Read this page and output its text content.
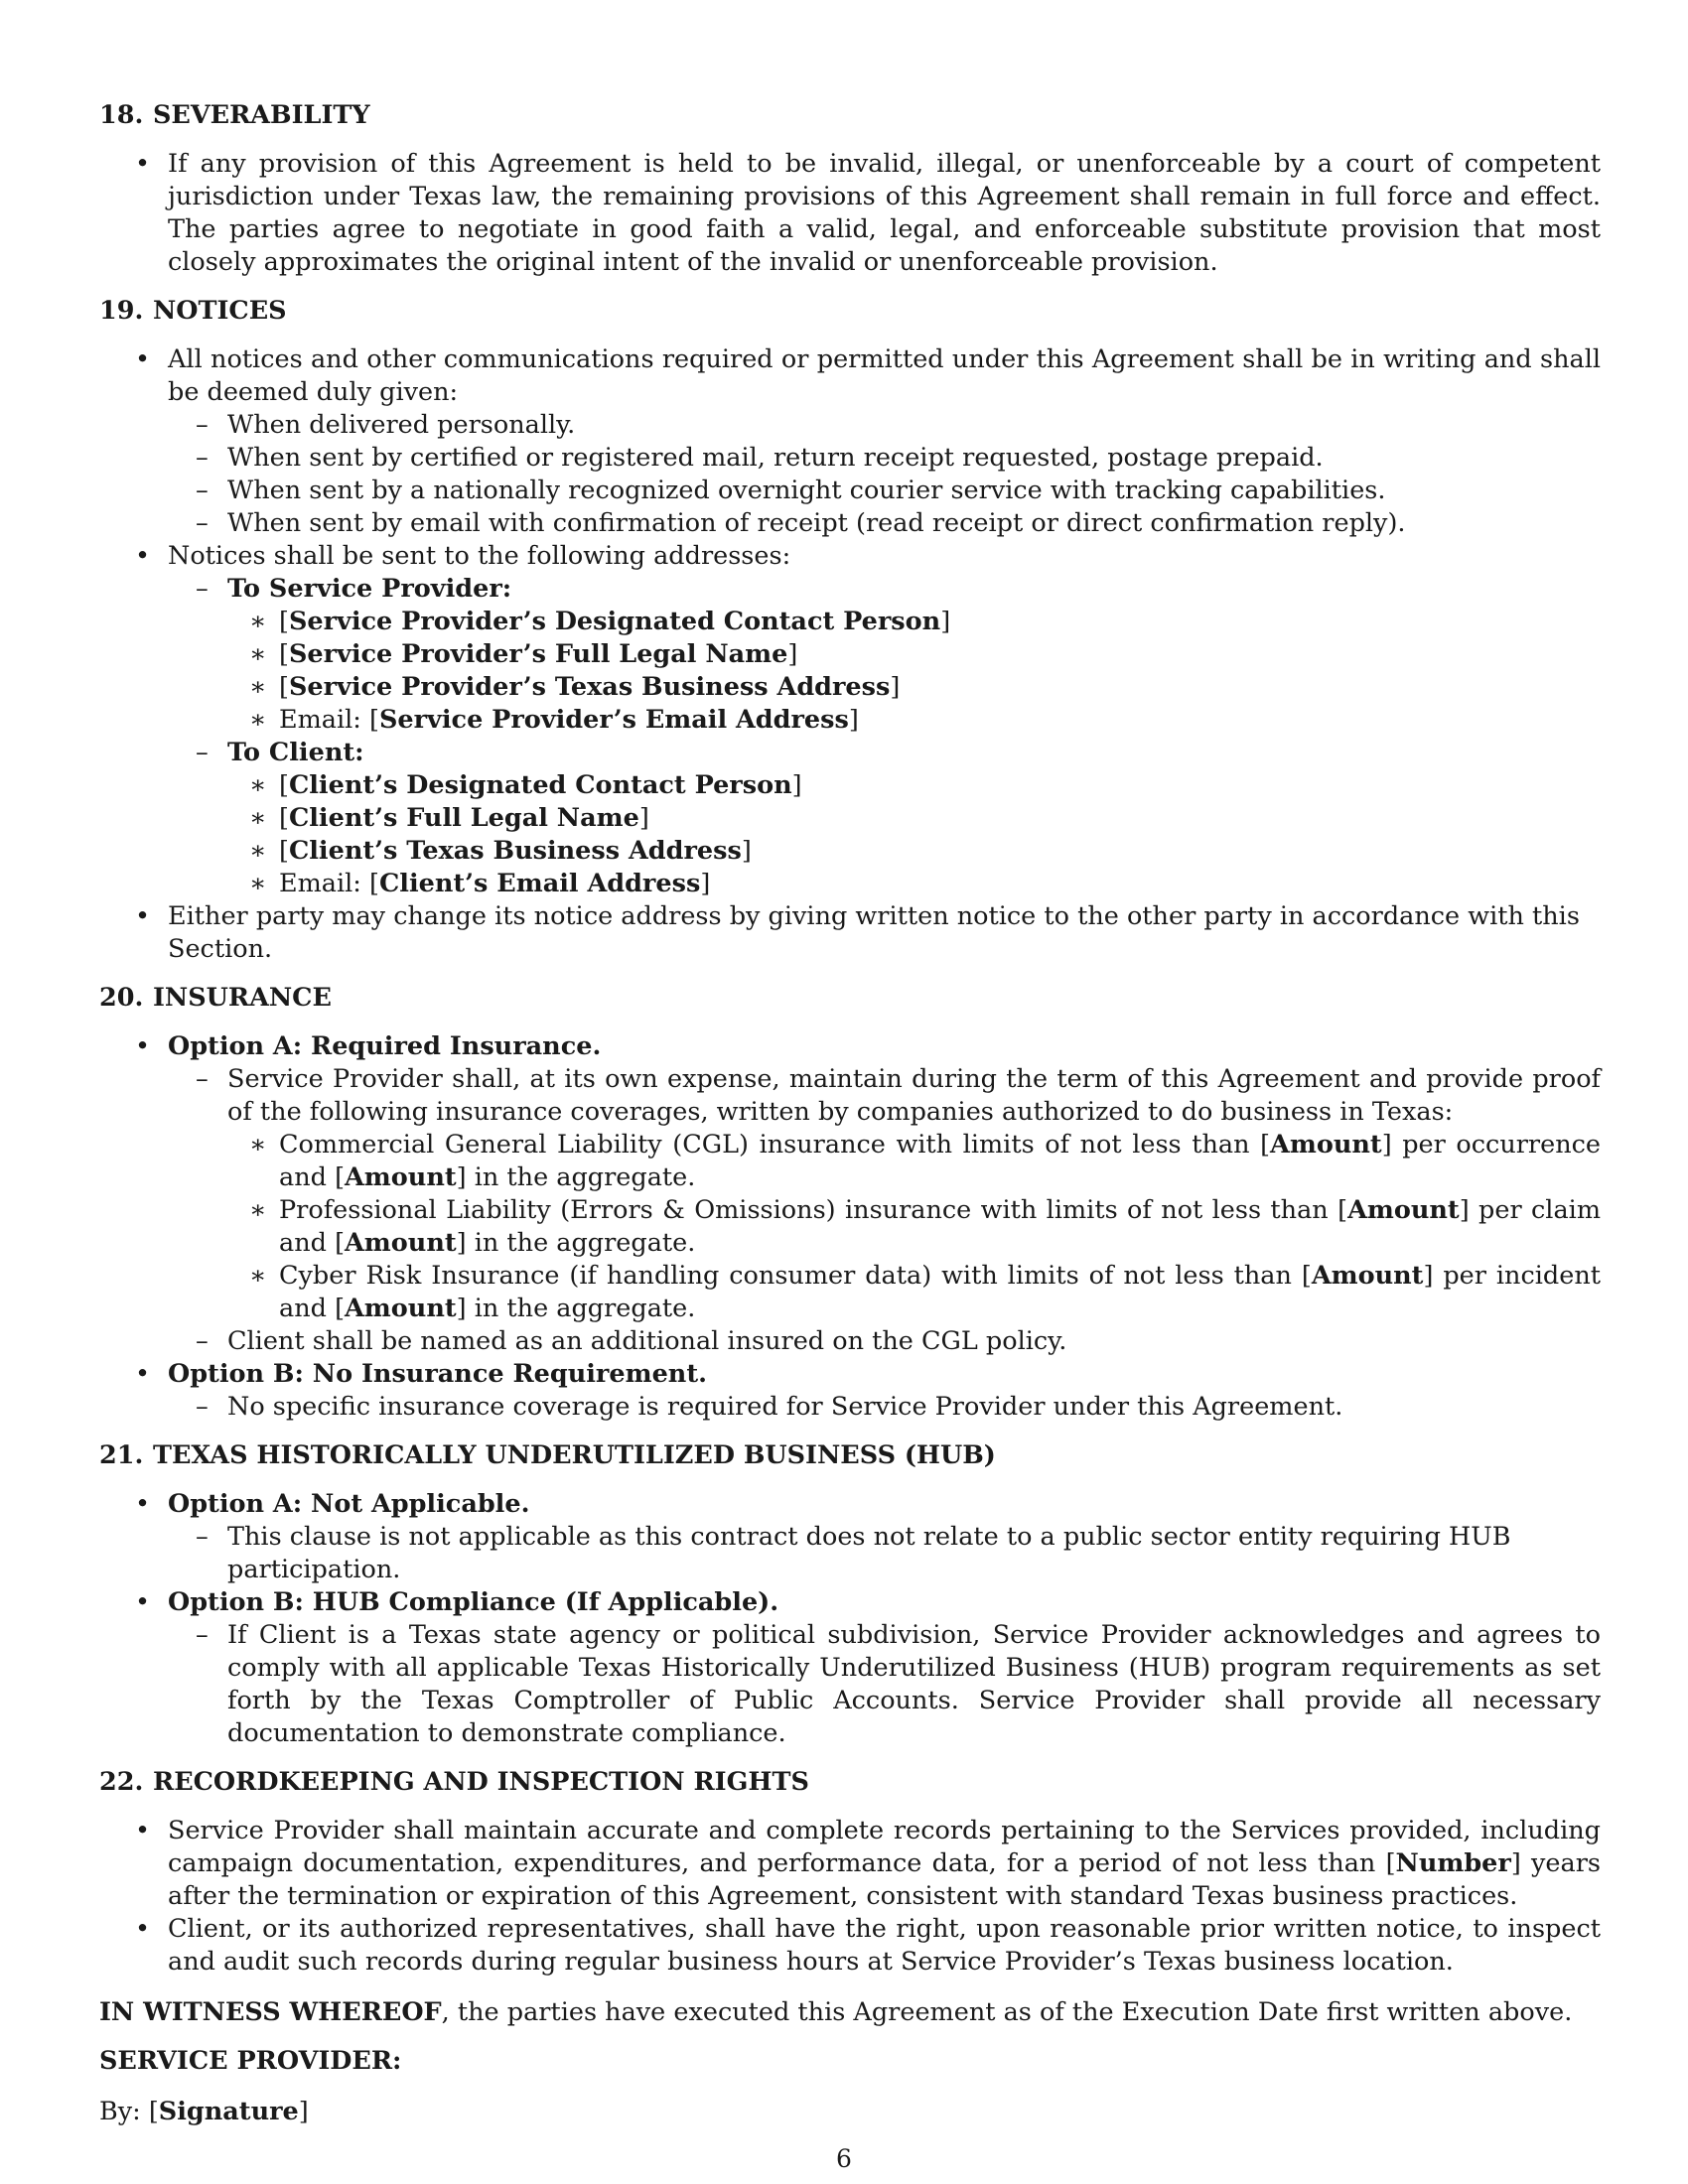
18. SEVERABILITY
• If any provision of this Agreement is held to be invalid, illegal, or unenforceable by a court of competent jurisdiction under Texas law, the remaining provisions of this Agreement shall remain in full force and effect. The parties agree to negotiate in good faith a valid, legal, and enforceable substitute provision that most closely approximates the original intent of the invalid or unenforceable provision.
19. NOTICES
• All notices and other communications required or permitted under this Agreement shall be in writing and shall be deemed duly given:
– When delivered personally.
– When sent by certified or registered mail, return receipt requested, postage prepaid.
– When sent by a nationally recognized overnight courier service with tracking capabilities.
– When sent by email with confirmation of receipt (read receipt or direct confirmation reply).
• Notices shall be sent to the following addresses:
– To Service Provider:
∗ [Service Provider’s Designated Contact Person]
∗ [Service Provider’s Full Legal Name]
∗ [Service Provider’s Texas Business Address]
∗ Email: [Service Provider’s Email Address]
– To Client:
∗ [Client’s Designated Contact Person]
∗ [Client’s Full Legal Name]
∗ [Client’s Texas Business Address]
∗ Email: [Client’s Email Address]
• Either party may change its notice address by giving written notice to the other party in accordance with this Section.
20. INSURANCE
• Option A: Required Insurance.
– Service Provider shall, at its own expense, maintain during the term of this Agreement and provide proof of the following insurance coverages, written by companies authorized to do business in Texas:
∗ Commercial General Liability (CGL) insurance with limits of not less than [Amount] per occurrence and [Amount] in the aggregate.
∗ Professional Liability (Errors & Omissions) insurance with limits of not less than [Amount] per claim and [Amount] in the aggregate.
∗ Cyber Risk Insurance (if handling consumer data) with limits of not less than [Amount] per incident and [Amount] in the aggregate.
– Client shall be named as an additional insured on the CGL policy.
• Option B: No Insurance Requirement.
– No specific insurance coverage is required for Service Provider under this Agreement.
21. TEXAS HISTORICALLY UNDERUTILIZED BUSINESS (HUB)
• Option A: Not Applicable.
– This clause is not applicable as this contract does not relate to a public sector entity requiring HUB participation.
• Option B: HUB Compliance (If Applicable).
– If Client is a Texas state agency or political subdivision, Service Provider acknowledges and agrees to comply with all applicable Texas Historically Underutilized Business (HUB) program requirements as set forth by the Texas Comptroller of Public Accounts. Service Provider shall provide all necessary documentation to demonstrate compliance.
22. RECORDKEEPING AND INSPECTION RIGHTS
• Service Provider shall maintain accurate and complete records pertaining to the Services provided, including campaign documentation, expenditures, and performance data, for a period of not less than [Number] years after the termination or expiration of this Agreement, consistent with standard Texas business practices.
• Client, or its authorized representatives, shall have the right, upon reasonable prior written notice, to inspect and audit such records during regular business hours at Service Provider’s Texas business location.
IN WITNESS WHEREOF, the parties have executed this Agreement as of the Execution Date first written above.
SERVICE PROVIDER:
By: [Signature]
6
